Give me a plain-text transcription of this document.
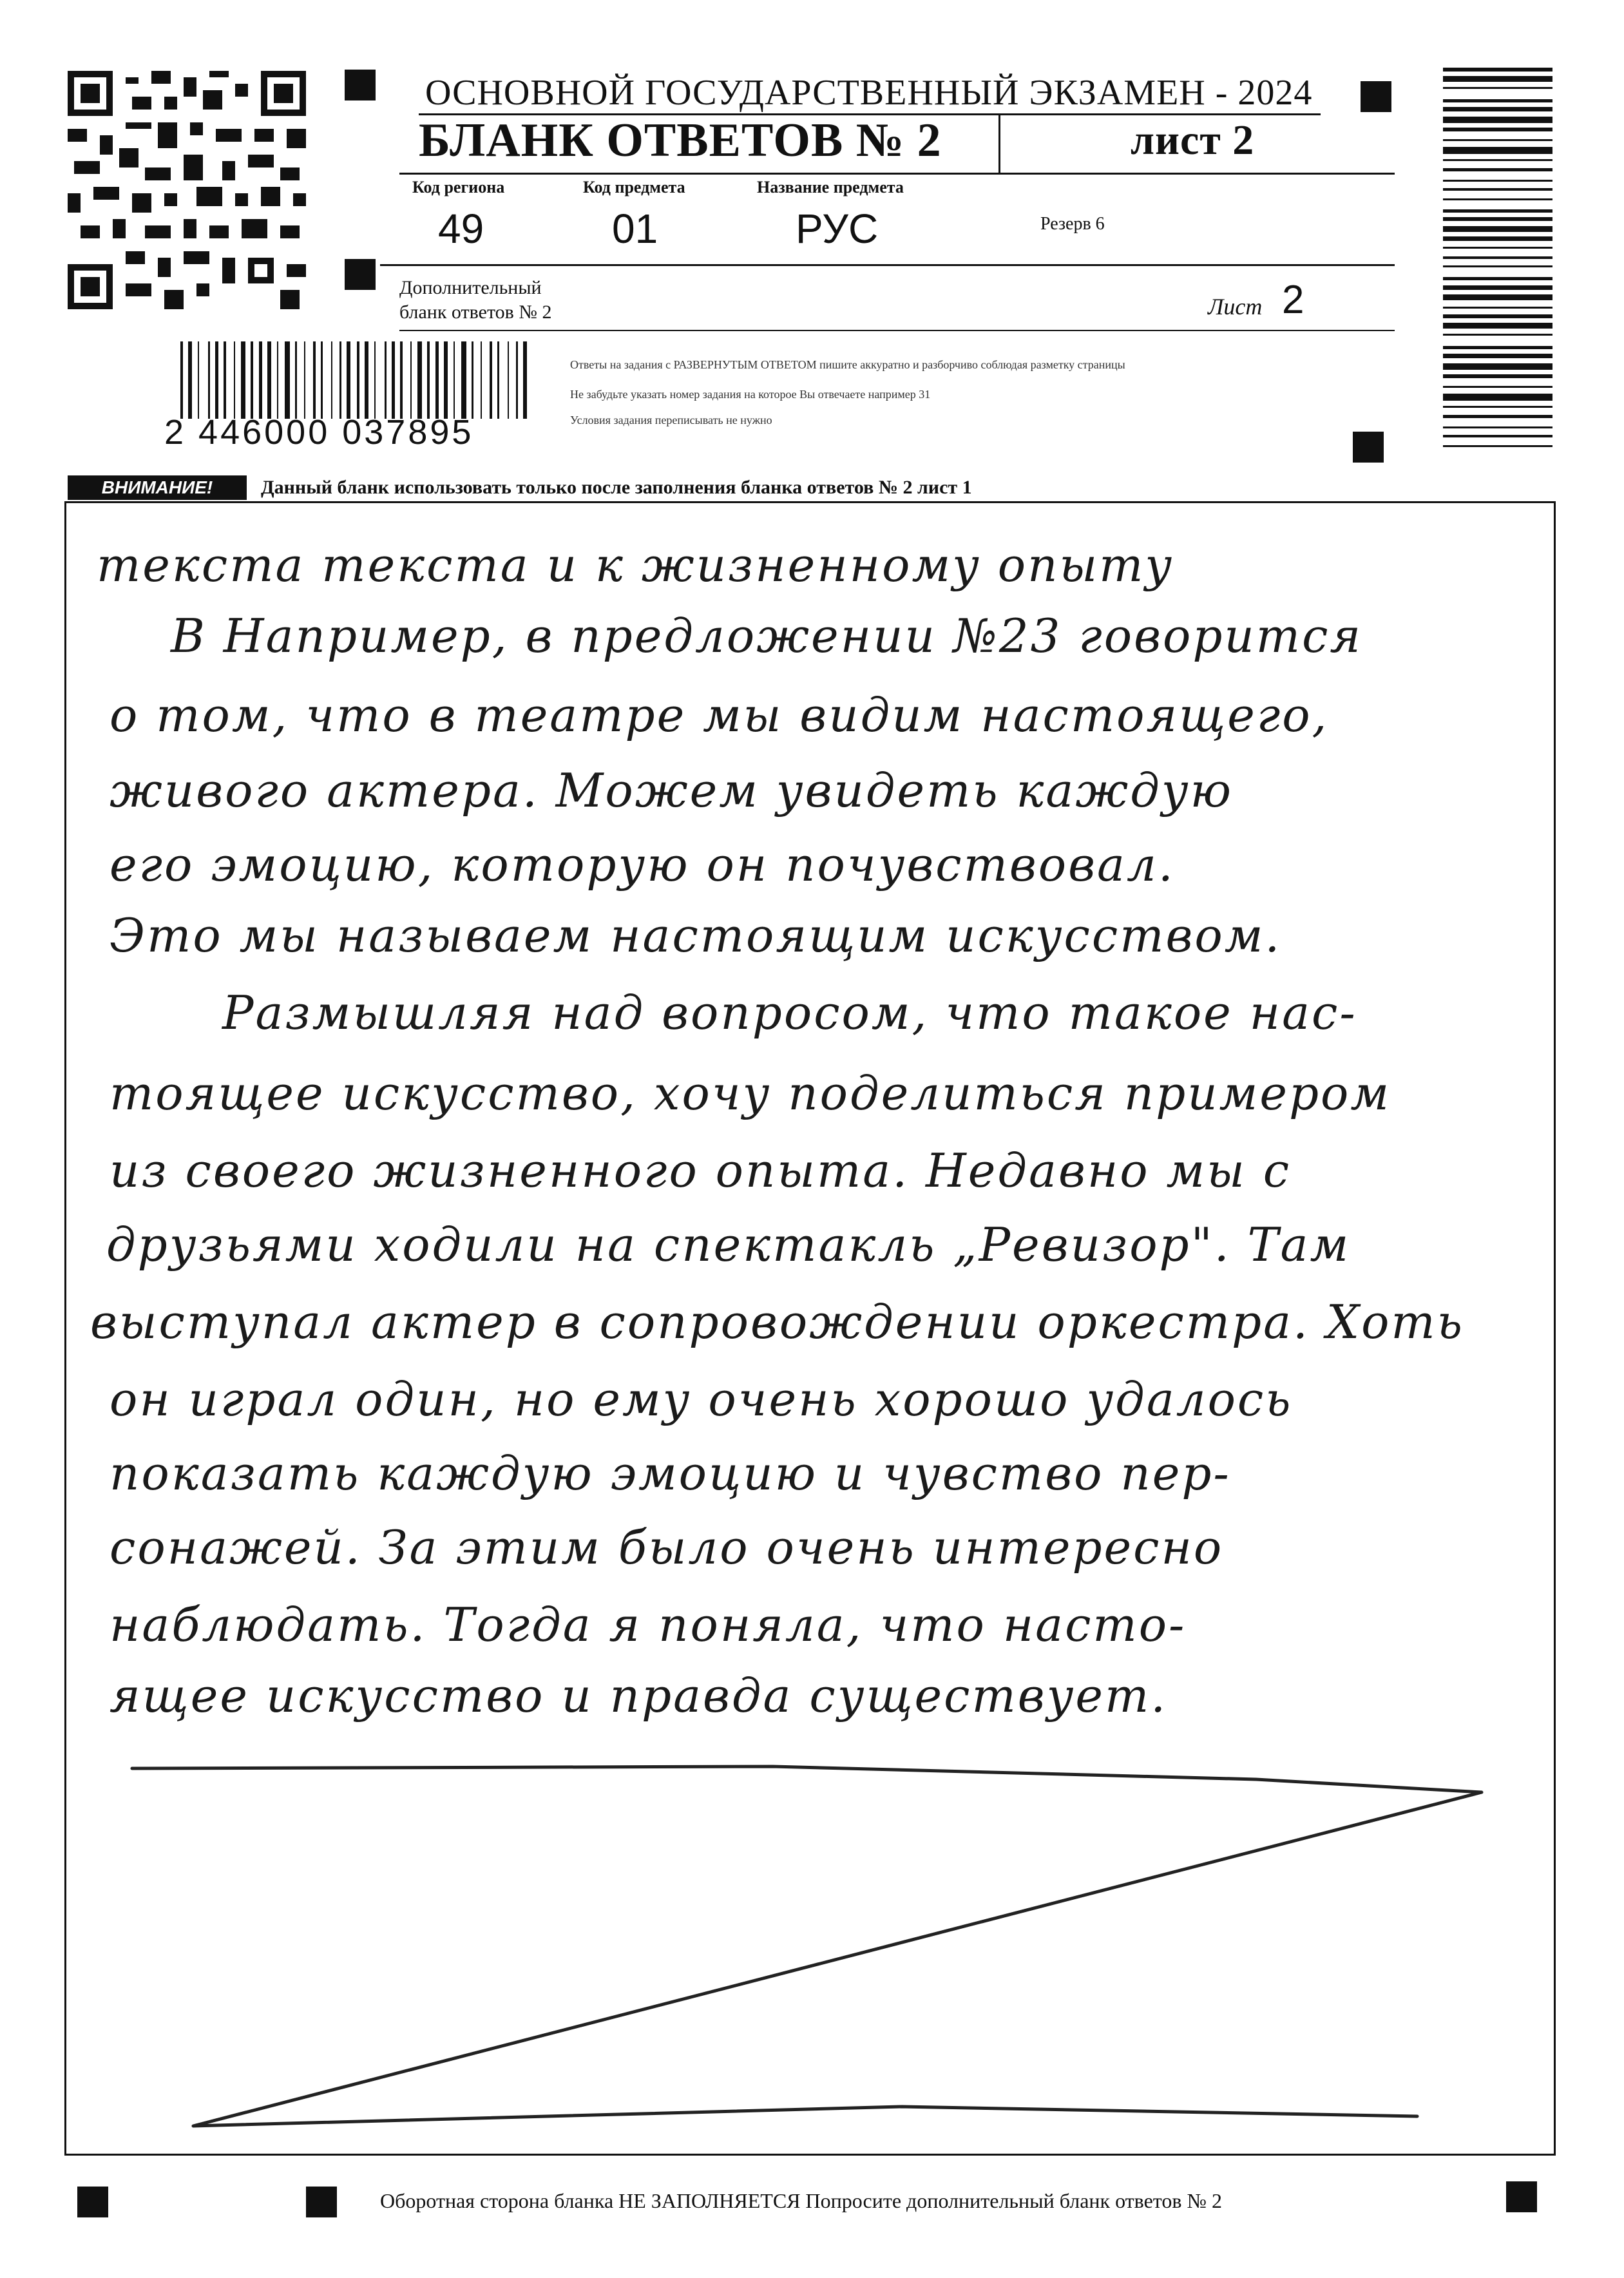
ОСНОВНОЙ ГОСУДАРСТВЕННЫЙ ЭКЗАМЕН - 2024
БЛАНК ОТВЕТОВ № 2	лист 2
Код региона	Код предмета	Название предмета
49	01	РУС	Резерв 6
Дополнительный
бланк ответов № 2	Лист 2
2 446000 037895
Ответы на задания с РАЗВЕРНУТЫМ ОТВЕТОМ пишите аккуратно и разборчиво соблюдая разметку страницы
Не забудьте указать номер задания на которое Вы отвечаете например 31
Условия задания переписывать не нужно
ВНИМАНИЕ!	Данный бланк использовать только после заполнения бланка ответов № 2 лист 1
текста текста и к жизненному опыту
В Например, в предложении №23 говорится
о том, что в театре мы видим настоящего,
живого актера. Можем увидеть каждую
его эмоцию, которую он почувствовал.
Это мы называем настоящим искусством.
Размышляя над вопросом, что такое нас-
тоящее искусство, хочу поделиться примером
из своего жизненного опыта. Недавно мы с
друзьями ходили на спектакль „Ревизор". Там
выступал актер в сопровождении оркестра. Хоть
он играл один, но ему очень хорошо удалось
показать каждую эмоцию и чувство пер-
сонажей. За этим было очень интересно
наблюдать. Тогда я поняла, что насто-
ящее искусство и правда существует.
Оборотная сторона бланка НЕ ЗАПОЛНЯЕТСЯ Попросите дополнительный бланк ответов № 2
